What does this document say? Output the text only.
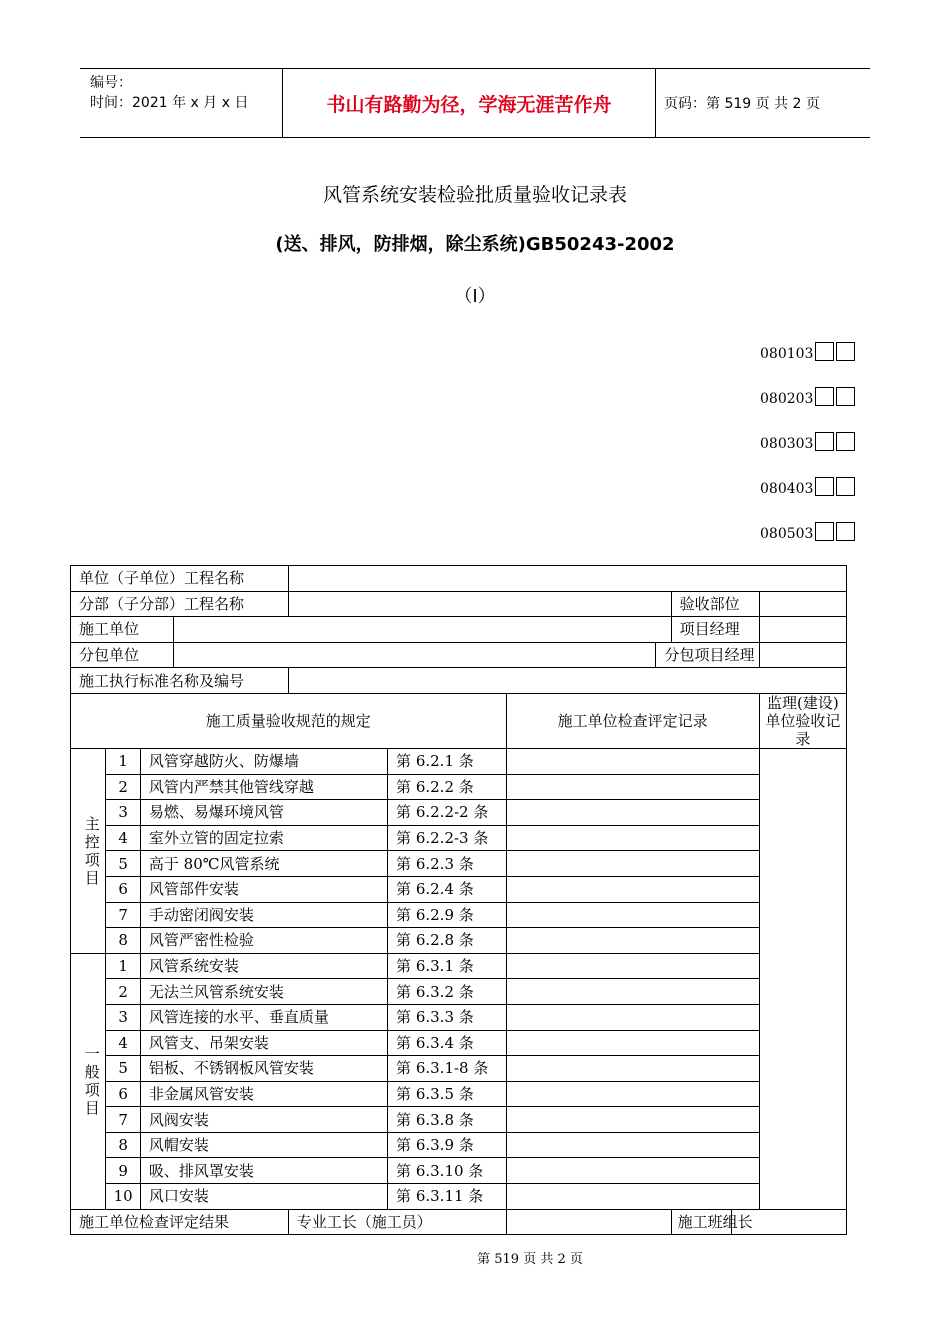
编号：
时间：2021 年 x 月 x 日	书山有路勤为径，学海无涯苦作舟	页码：第 519 页 共 2 页
风管系统安装检验批质量验收记录表
(送、排风，防排烟，除尘系统)GB50243-2002
（Ⅰ）
080103
080203
080303
080403
080503
单位（子单位）工程名称										
分部（子分部）工程名称								验收部位		
施工单位								项目经理		
分包单位							分包项目经理			
施工执行标准名称及编号										
施工质量验收规范的规定						施工单位检查评定记录				监理(建设)单位验收记录
主控项目	1	风管穿越防火、防爆墙			第 6.2.1 条					
	2	风管内严禁其他管线穿越			第 6.2.2 条					
	3	易燃、易爆环境风管			第 6.2.2-2 条					
	4	室外立管的固定拉索			第 6.2.2-3 条					
	5	高于 80℃风管系统			第 6.2.3 条					
	6	风管部件安装			第 6.2.4 条					
	7	手动密闭阀安装			第 6.2.9 条					
	8	风管严密性检验			第 6.2.8 条					
一般项目	1	风管系统安装			第 6.3.1 条					
	2	无法兰风管系统安装			第 6.3.2 条					
	3	风管连接的水平、垂直质量			第 6.3.3 条					
	4	风管支、吊架安装			第 6.3.4 条					
	5	铝板、不锈钢板风管安装			第 6.3.1-8 条					
	6	非金属风管安装			第 6.3.5 条					
	7	风阀安装			第 6.3.8 条					
	8	风帽安装			第 6.3.9 条					
	9	吸、排风罩安装			第 6.3.10 条					
	10	风口安装			第 6.3.11 条					
施工单位检查评定结果				专业工长（施工员）				施工班组长		
第 519 页 共 2 页
